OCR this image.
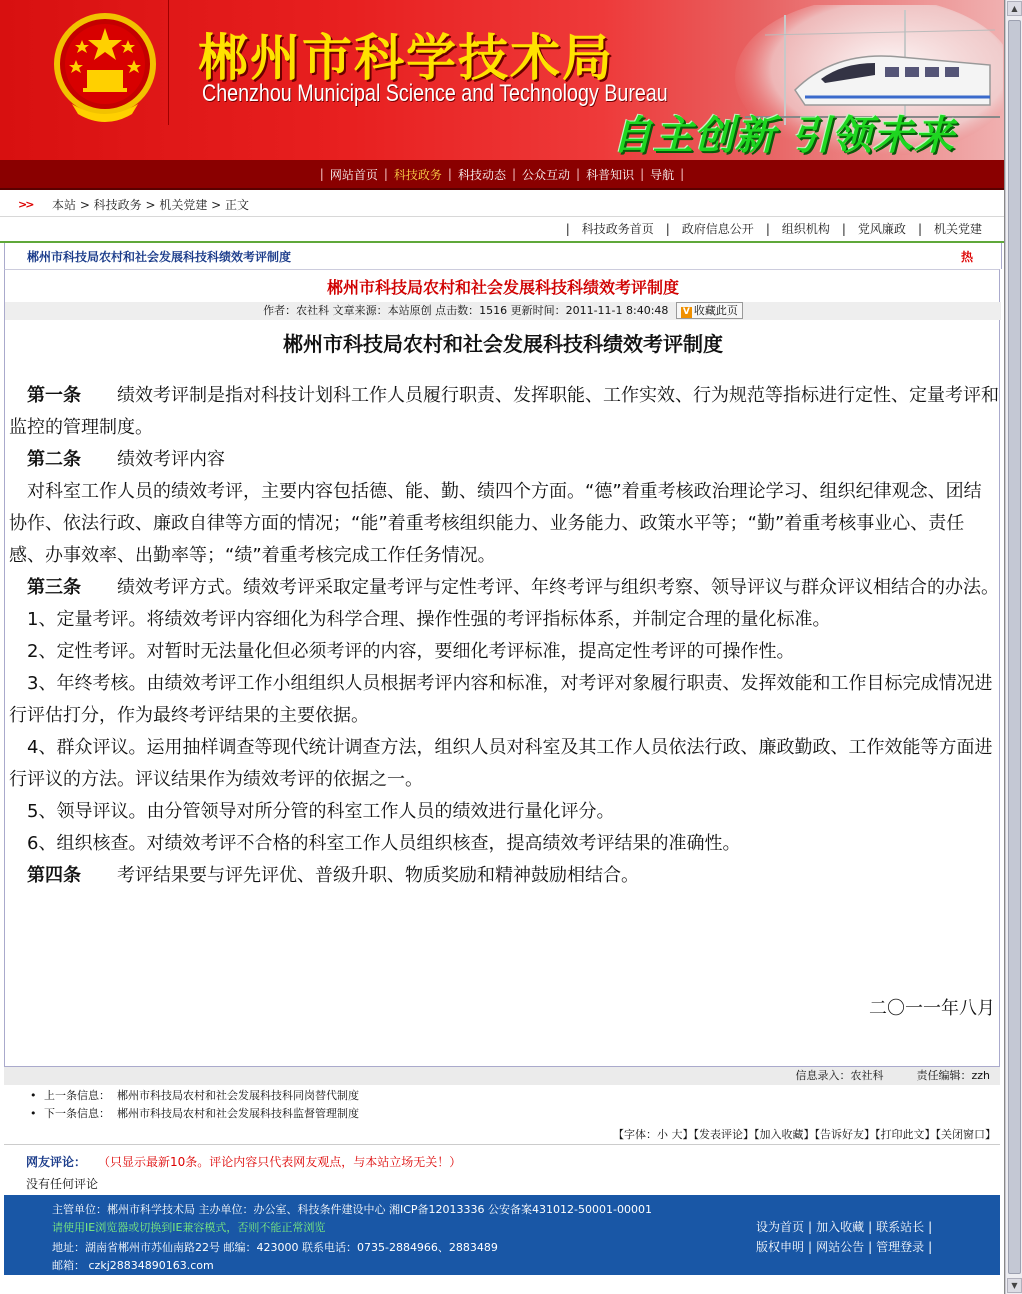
郴州市科学技术局
Chenzhou Municipal Science and Technology Bureau
自主创新 引领未来
| 网站首页 | 科技政务 | 科技动态 | 公众互动 | 科普知识 | 导航 |
>> 本站 > 科技政务 > 机关党建 > 正文
| 科技政务首页 | 政府信息公开 | 组织机构 | 党风廉政 | 机关党建
郴州市科技局农村和社会发展科技科绩效考评制度	热
郴州市科技局农村和社会发展科技科绩效考评制度
作者：农社科 文章来源：本站原创 点击数：1516 更新时间：2011-11-1 8:40:48 V 收藏此页
郴州市科技局农村和社会发展科技科绩效考评制度

　第一条　　绩效考评制是指对科技计划科工作人员履行职责、发挥职能、工作实效、行为规范等指标进行定性、定量考评和监控的管理制度。

　第二条　　绩效考评内容

　对科室工作人员的绩效考评，主要内容包括德、能、勤、绩四个方面。“德”着重考核政治理论学习、组织纪律观念、团结协作、依法行政、廉政自律等方面的情况；“能”着重考核组织能力、业务能力、政策水平等；“勤”着重考核事业心、责任感、办事效率、出勤率等；“绩”着重考核完成工作任务情况。

　第三条　　绩效考评方式。绩效考评采取定量考评与定性考评、年终考评与组织考察、领导评议与群众评议相结合的办法。

　1、定量考评。将绩效考评内容细化为科学合理、操作性强的考评指标体系，并制定合理的量化标准。

　2、定性考评。对暂时无法量化但必须考评的内容，要细化考评标准，提高定性考评的可操作性。

　3、年终考核。由绩效考评工作小组组织人员根据考评内容和标准，对考评对象履行职责、发挥效能和工作目标完成情况进行评估打分，作为最终考评结果的主要依据。

　4、群众评议。运用抽样调查等现代统计调查方法，组织人员对科室及其工作人员依法行政、廉政勤政、工作效能等方面进行评议的方法。评议结果作为绩效考评的依据之一。

　5、领导评议。由分管领导对所分管的科室工作人员的绩效进行量化评分。

　6、组织核查。对绩效考评不合格的科室工作人员组织核查，提高绩效考评结果的准确性。

　第四条　　考评结果要与评先评优、普级升职、物质奖励和精神鼓励相结合。

二〇一一年八月
信息录入：农社科　　　责任编辑：zzh
• 上一条信息： 郴州市科技局农村和社会发展科技科同岗替代制度
• 下一条信息： 郴州市科技局农村和社会发展科技科监督管理制度
【字体：小 大】【发表评论】【加入收藏】【告诉好友】【打印此文】【关闭窗口】
网友评论： （只显示最新10条。评论内容只代表网友观点，与本站立场无关！）
没有任何评论
主管单位：郴州市科学技术局 主办单位：办公室、科技条件建设中心 湘ICP备12013336 公安备案431012-50001-00001
请使用IE浏览器或切换到IE兼容模式，否则不能正常浏览
地址：湖南省郴州市苏仙南路22号 邮编：423000 联系电话：0735-2884966、2883489
邮箱： czkj28834890163.com
设为首页 | 加入收藏 | 联系站长 |
版权申明 | 网站公告 | 管理登录 |
▲
▼
